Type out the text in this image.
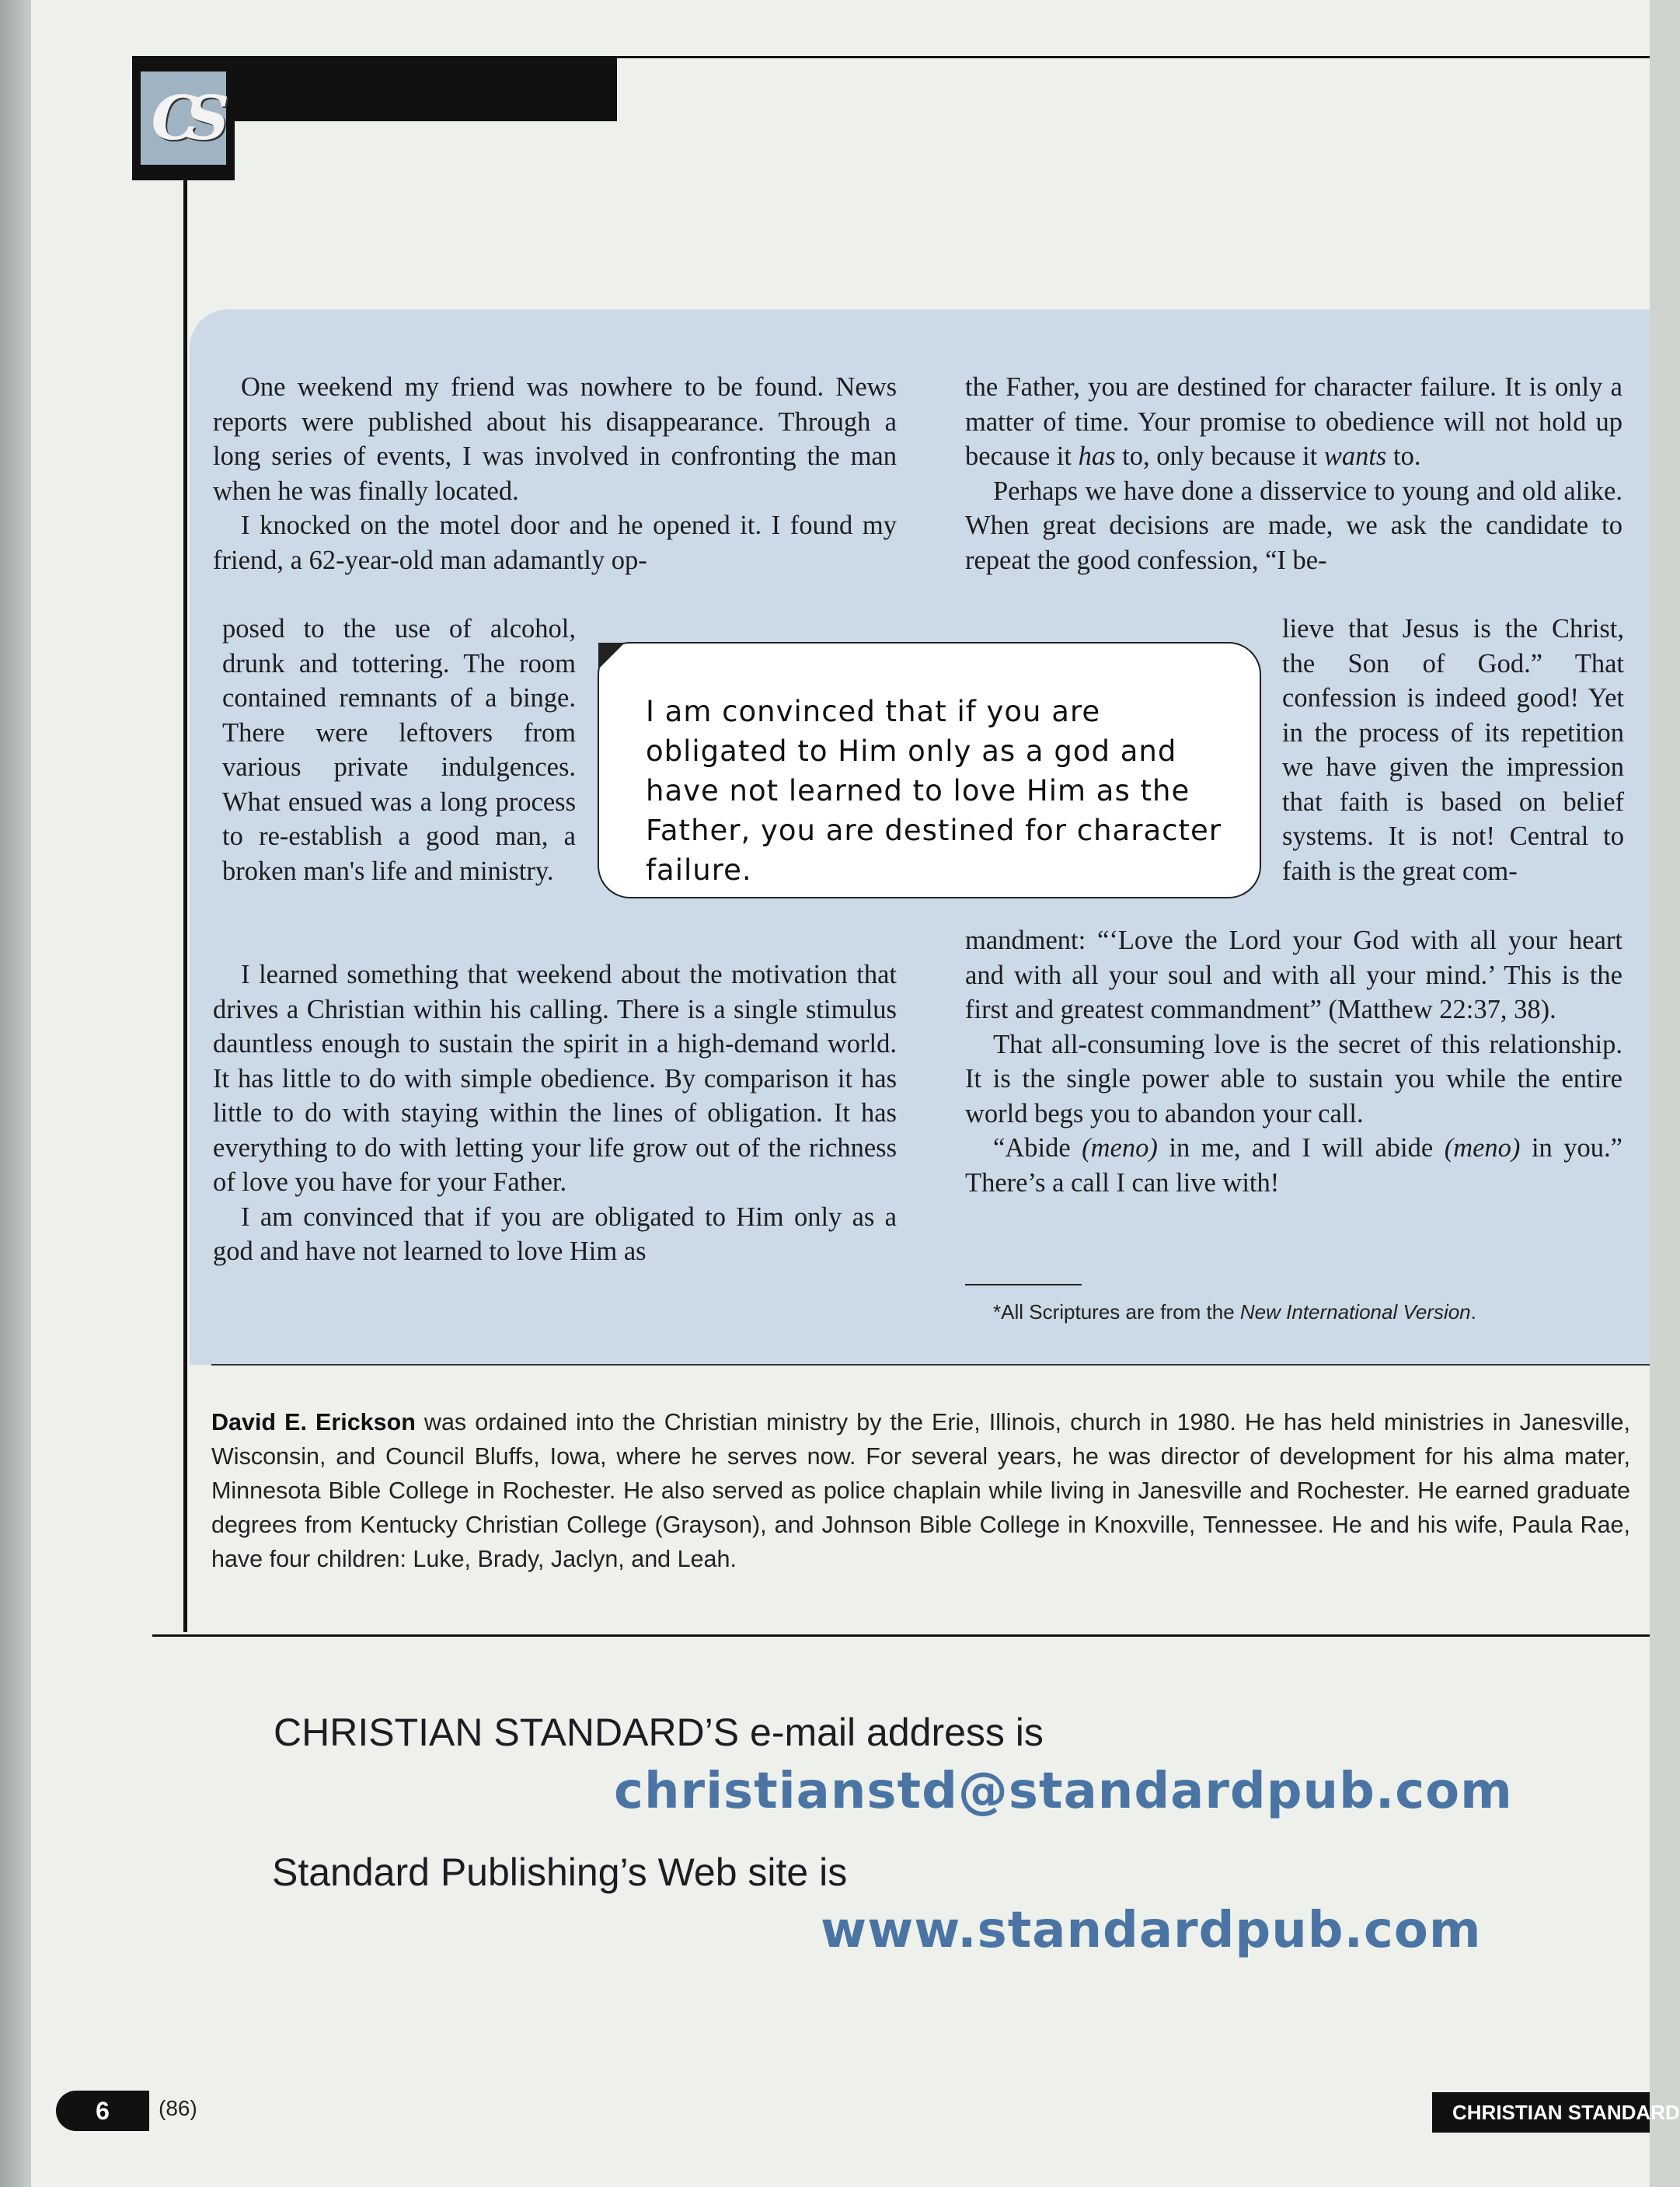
CS

One weekend my friend was nowhere to be found. News reports were published about his disappearance. Through a long series of events, I was involved in confronting the man when he was finally located.

I knocked on the motel door and he opened it. I found my friend, a 62-year-old man adamantly op-

posed to the use of alcohol, drunk and tottering. The room contained remnants of a binge. There were leftovers from various private indulgences. What ensued was a long process to re-establish a good man, a broken man's life and ministry.

I learned something that weekend about the motivation that drives a Christian within his calling. There is a single stimulus dauntless enough to sustain the spirit in a high-demand world. It has little to do with simple obedience. By comparison it has little to do with staying within the lines of obligation. It has everything to do with letting your life grow out of the richness of love you have for your Father.

I am convinced that if you are obligated to Him only as a god and have not learned to love Him as

the Father, you are destined for character failure. It is only a matter of time. Your promise to obedience will not hold up because it has to, only because it wants to.

Perhaps we have done a disservice to young and old alike. When great decisions are made, we ask the candidate to repeat the good confession, “I be-

lieve that Jesus is the Christ, the Son of God.” That confession is indeed good! Yet in the process of its repetition we have given the impression that faith is based on belief systems. It is not! Central to faith is the great com-

mandment: “‘Love the Lord your God with all your heart and with all your soul and with all your mind.’ This is the first and greatest commandment” (Matthew 22:37, 38).

That all-consuming love is the secret of this relationship. It is the single power able to sustain you while the entire world begs you to abandon your call.

“Abide (meno) in me, and I will abide (meno) in you.” There’s a call I can live with!

I am convinced that if you are obligated to Him only as a god and have not learned to love Him as the Father, you are destined for character failure.
*All Scriptures are from the New International Version.
David E. Erickson was ordained into the Christian ministry by the Erie, Illinois, church in 1980. He has held ministries in Janesville, Wisconsin, and Council Bluffs, Iowa, where he serves now. For several years, he was director of development for his alma mater, Minnesota Bible College in Rochester. He also served as police chaplain while living in Janesville and Rochester. He earned graduate degrees from Kentucky Christian College (Grayson), and Johnson Bible College in Knoxville, Tennessee. He and his wife, Paula Rae, have four children: Luke, Brady, Jaclyn, and Leah.
CHRISTIAN STANDARD’S e-mail address is
christianstd@standardpub.com
Standard Publishing’s Web site is
www.standardpub.com
6	(86)	CHRISTIAN STANDARD
